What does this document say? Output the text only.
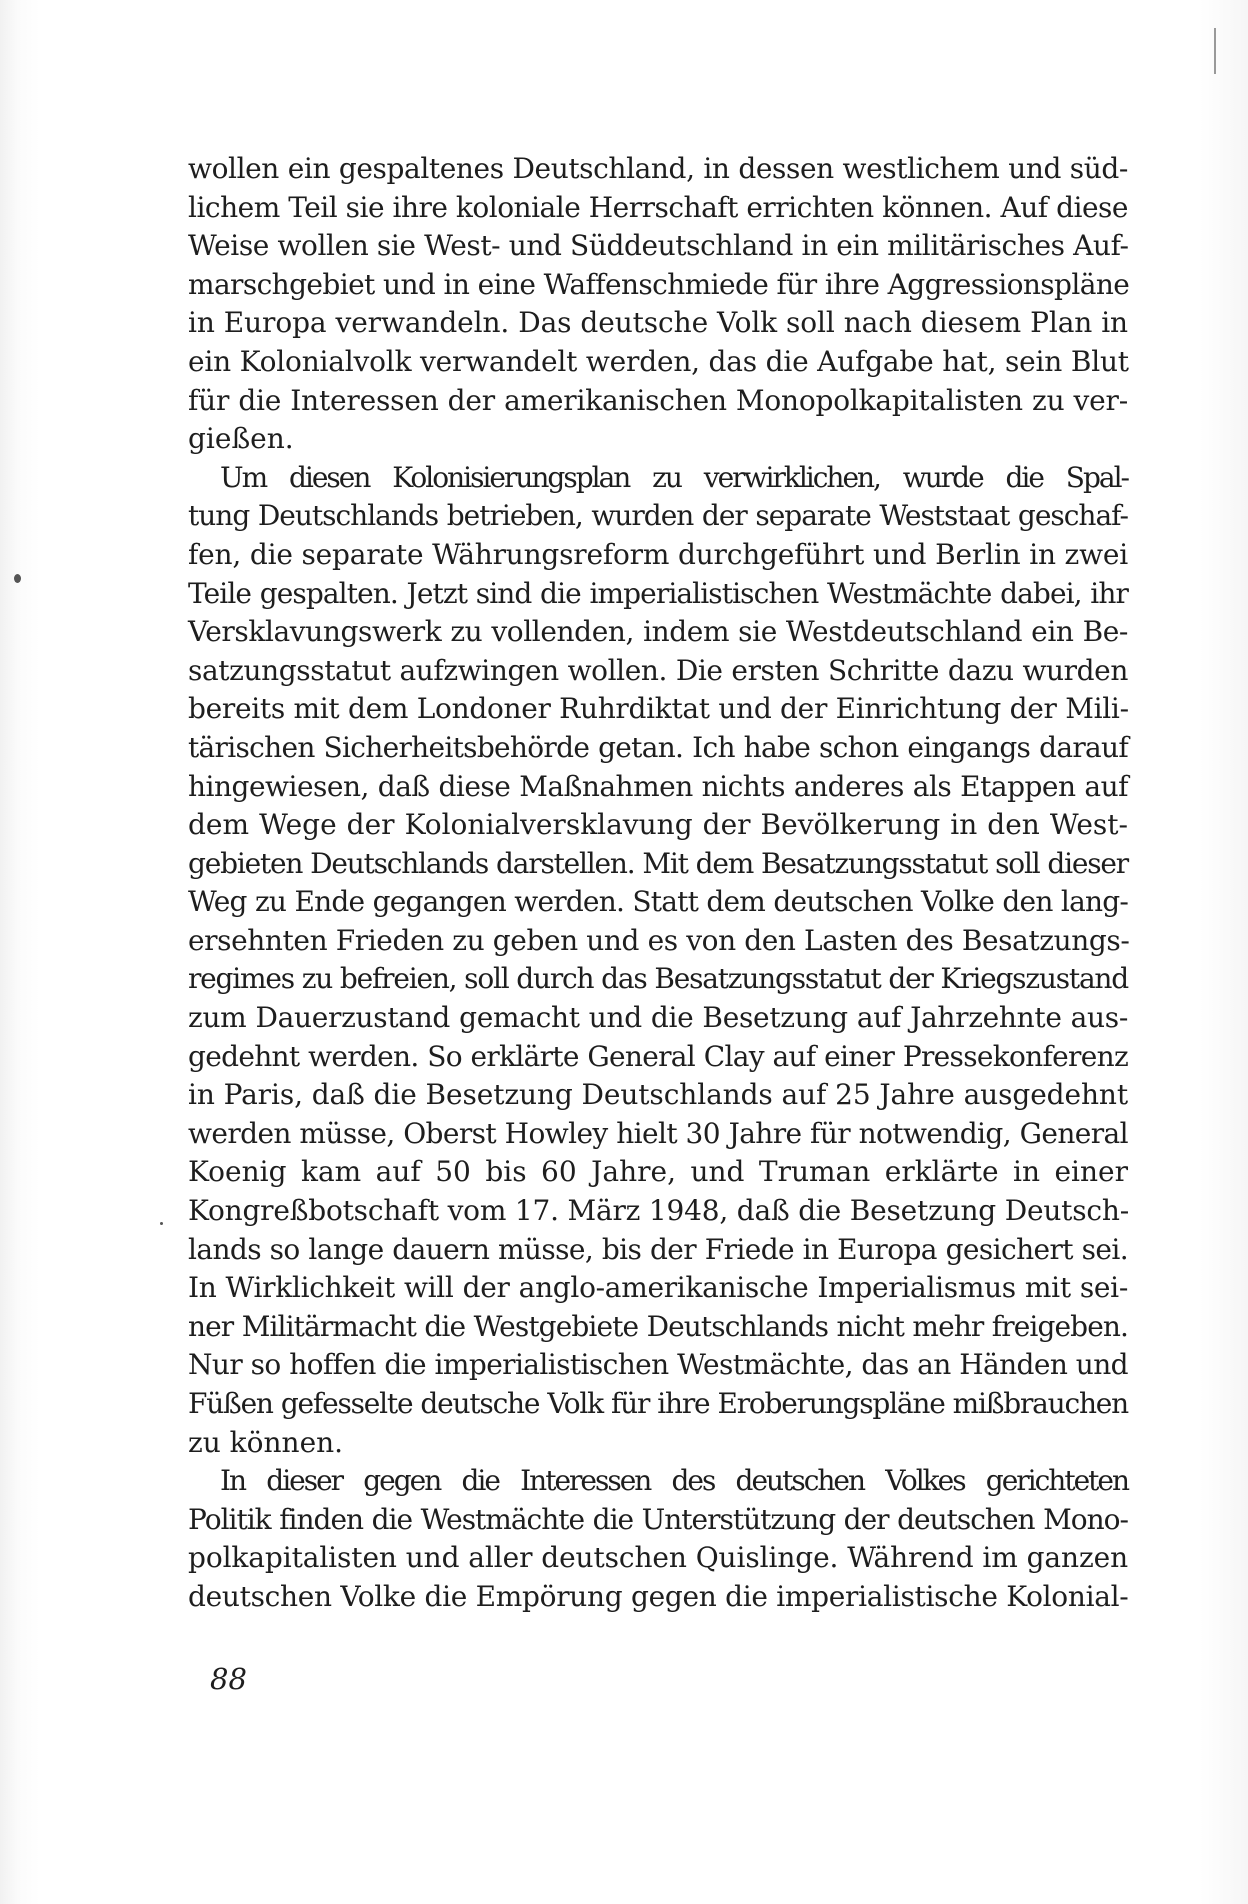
wollen ein gespaltenes Deutschland, in dessen westlichem und süd-
lichem Teil sie ihre koloniale Herrschaft errichten können. Auf diese
Weise wollen sie West- und Süddeutschland in ein militärisches Auf-
marschgebiet und in eine Waffenschmiede für ihre Aggressionspläne
in Europa verwandeln. Das deutsche Volk soll nach diesem Plan in
ein Kolonialvolk verwandelt werden, das die Aufgabe hat, sein Blut
für die Interessen der amerikanischen Monopolkapitalisten zu ver-
gießen.

Um diesen Kolonisierungsplan zu verwirklichen, wurde die Spal-
tung Deutschlands betrieben, wurden der separate Weststaat geschaf-
fen, die separate Währungsreform durchgeführt und Berlin in zwei
Teile gespalten. Jetzt sind die imperialistischen Westmächte dabei, ihr
Versklavungswerk zu vollenden, indem sie Westdeutschland ein Be-
satzungsstatut aufzwingen wollen. Die ersten Schritte dazu wurden
bereits mit dem Londoner Ruhrdiktat und der Einrichtung der Mili-
tärischen Sicherheitsbehörde getan. Ich habe schon eingangs darauf
hingewiesen, daß diese Maßnahmen nichts anderes als Etappen auf
dem Wege der Kolonialversklavung der Bevölkerung in den West-
gebieten Deutschlands darstellen. Mit dem Besatzungsstatut soll dieser
Weg zu Ende gegangen werden. Statt dem deutschen Volke den lang-
ersehnten Frieden zu geben und es von den Lasten des Besatzungs-
regimes zu befreien, soll durch das Besatzungsstatut der Kriegszustand
zum Dauerzustand gemacht und die Besetzung auf Jahrzehnte aus-
gedehnt werden. So erklärte General Clay auf einer Pressekonferenz
in Paris, daß die Besetzung Deutschlands auf 25 Jahre ausgedehnt
werden müsse, Oberst Howley hielt 30 Jahre für notwendig, General
Koenig kam auf 50 bis 60 Jahre, und Truman erklärte in einer
Kongreßbotschaft vom 17. März 1948, daß die Besetzung Deutsch-
lands so lange dauern müsse, bis der Friede in Europa gesichert sei.
In Wirklichkeit will der anglo-amerikanische Imperialismus mit sei-
ner Militärmacht die Westgebiete Deutschlands nicht mehr freigeben.
Nur so hoffen die imperialistischen Westmächte, das an Händen und
Füßen gefesselte deutsche Volk für ihre Eroberungspläne mißbrauchen
zu können.

In dieser gegen die Interessen des deutschen Volkes gerichteten
Politik finden die Westmächte die Unterstützung der deutschen Mono-
polkapitalisten und aller deutschen Quislinge. Während im ganzen
deutschen Volke die Empörung gegen die imperialistische Kolonial-

88
